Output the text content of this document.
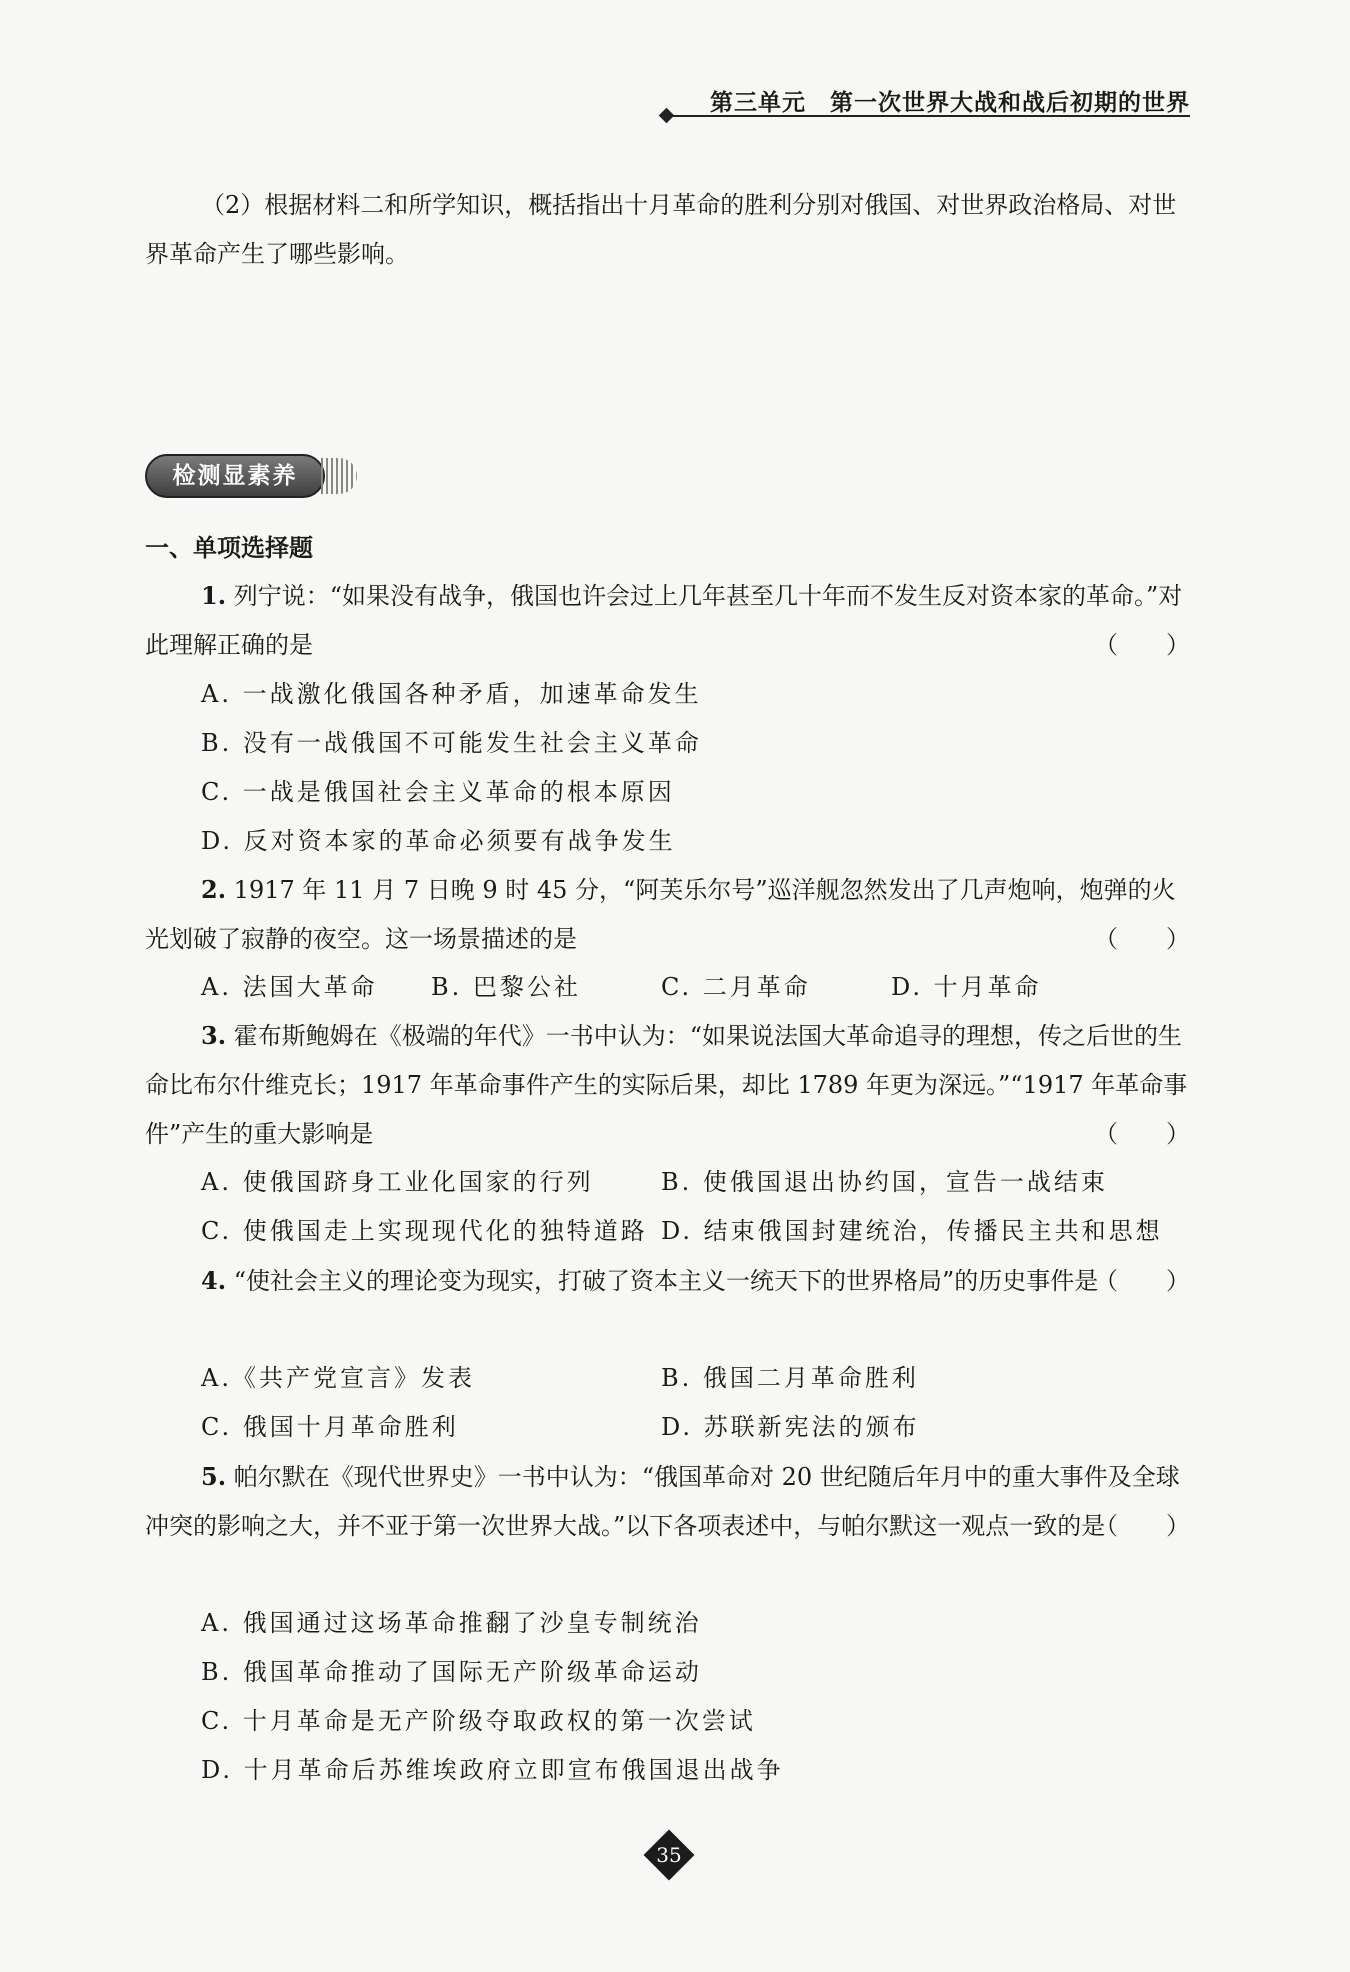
第三单元　第一次世界大战和战后初期的世界
（2）根据材料二和所学知识，概括指出十月革命的胜利分别对俄国、对世界政治格局、对世界革命产生了哪些影响。
检测显素养
一、单项选择题
1. 列宁说：“如果没有战争，俄国也许会过上几年甚至几十年而不发生反对资本家的革命。”对此理解正确的是	（　　）
A. 一战激化俄国各种矛盾，加速革命发生
B. 没有一战俄国不可能发生社会主义革命
C. 一战是俄国社会主义革命的根本原因
D. 反对资本家的革命必须要有战争发生
2. 1917 年 11 月 7 日晚 9 时 45 分，“阿芙乐尔号”巡洋舰忽然发出了几声炮响，炮弹的火光划破了寂静的夜空。这一场景描述的是	（　　）
A. 法国大革命 B. 巴黎公社	C. 二月革命	D. 十月革命
3. 霍布斯鲍姆在《极端的年代》一书中认为：“如果说法国大革命追寻的理想，传之后世的生命比布尔什维克长；1917 年革命事件产生的实际后果，却比 1789 年更为深远。”“1917 年革命事件”产生的重大影响是	（　　）
A. 使俄国跻身工业化国家的行列	B. 使俄国退出协约国，宣告一战结束
C. 使俄国走上实现现代化的独特道路 D. 结束俄国封建统治，传播民主共和思想
4. “使社会主义的理论变为现实，打破了资本主义一统天下的世界格局”的历史事件是
（　　）
A.《共产党宣言》发表	B. 俄国二月革命胜利
C. 俄国十月革命胜利	D. 苏联新宪法的颁布
5. 帕尔默在《现代世界史》一书中认为：“俄国革命对 20 世纪随后年月中的重大事件及全球冲突的影响之大，并不亚于第一次世界大战。”以下各项表述中，与帕尔默这一观点一致的是
（　　）
A. 俄国通过这场革命推翻了沙皇专制统治
B. 俄国革命推动了国际无产阶级革命运动
C. 十月革命是无产阶级夺取政权的第一次尝试
D. 十月革命后苏维埃政府立即宣布俄国退出战争
35
